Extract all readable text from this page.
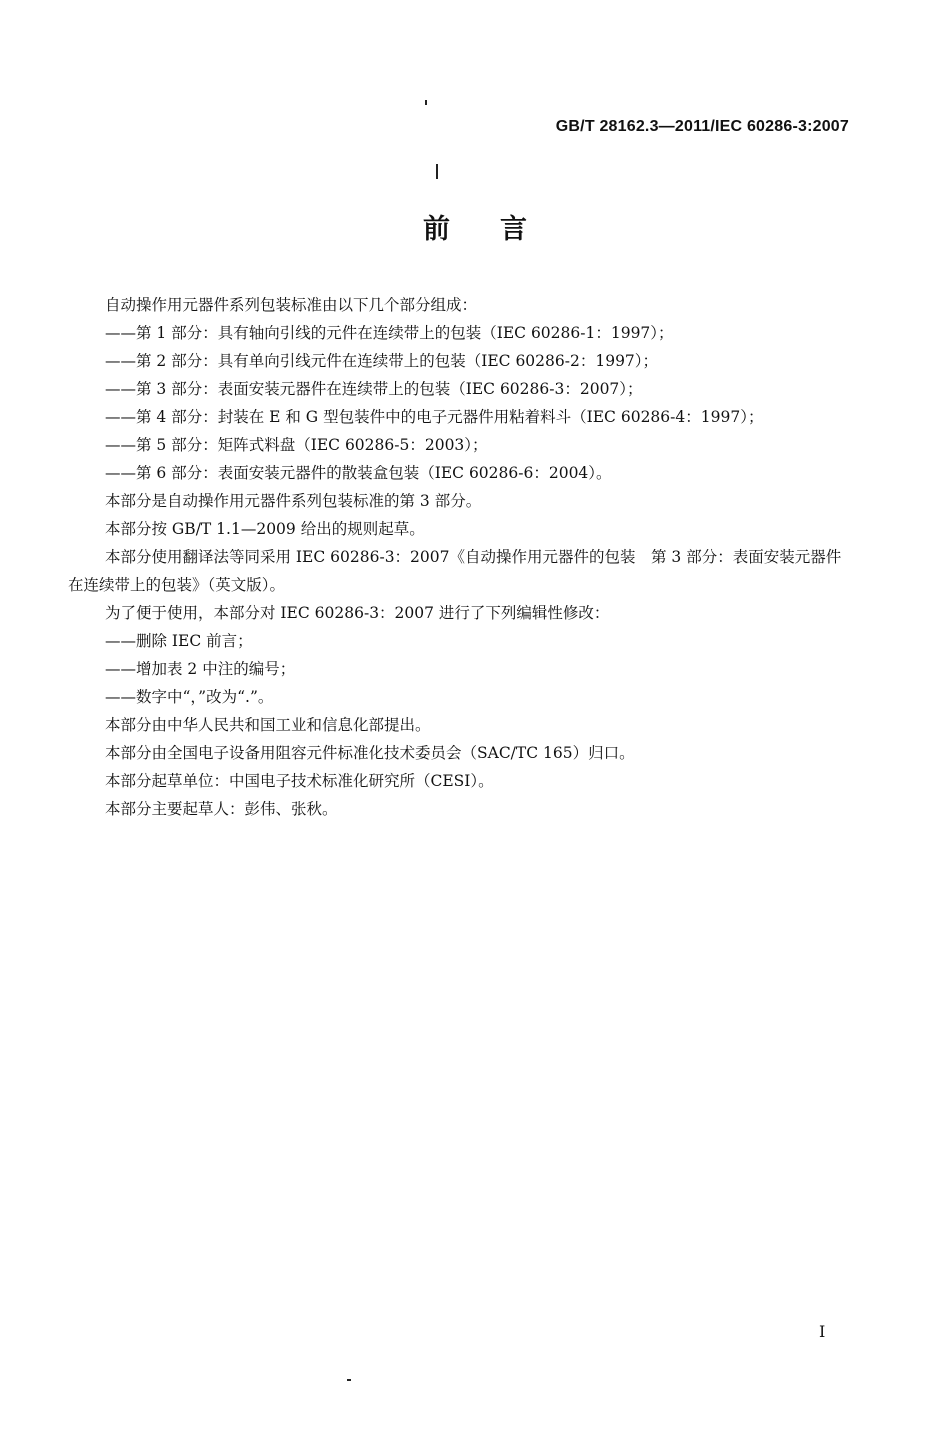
GB/T 28162.3—2011/IEC 60286-3:2007
前言

自动操作用元器件系列包装标准由以下几个部分组成：

——第 1 部分：具有轴向引线的元件在连续带上的包装（IEC 60286-1：1997）；

——第 2 部分：具有单向引线元件在连续带上的包装（IEC 60286-2：1997）；

——第 3 部分：表面安装元器件在连续带上的包装（IEC 60286-3：2007）；

——第 4 部分：封装在 E 和 G 型包装件中的电子元器件用粘着料斗（IEC 60286-4：1997）；

——第 5 部分：矩阵式料盘（IEC 60286-5：2003）；

——第 6 部分：表面安装元器件的散装盒包装（IEC 60286-6：2004）。

本部分是自动操作用元器件系列包装标准的第 3 部分。

本部分按 GB/T 1.1—2009 给出的规则起草。

本部分使用翻译法等同采用 IEC 60286-3：2007《自动操作用元器件的包装　第 3 部分：表面安装元器件在连续带上的包装》（英文版）。

为了便于使用，本部分对 IEC 60286-3：2007 进行了下列编辑性修改：

——删除 IEC 前言；

——增加表 2 中注的编号；

——数字中“，”改为“.”。

本部分由中华人民共和国工业和信息化部提出。

本部分由全国电子设备用阻容元件标准化技术委员会（SAC/TC 165）归口。

本部分起草单位：中国电子技术标准化研究所（CESI）。

本部分主要起草人：彭伟、张秋。

I
